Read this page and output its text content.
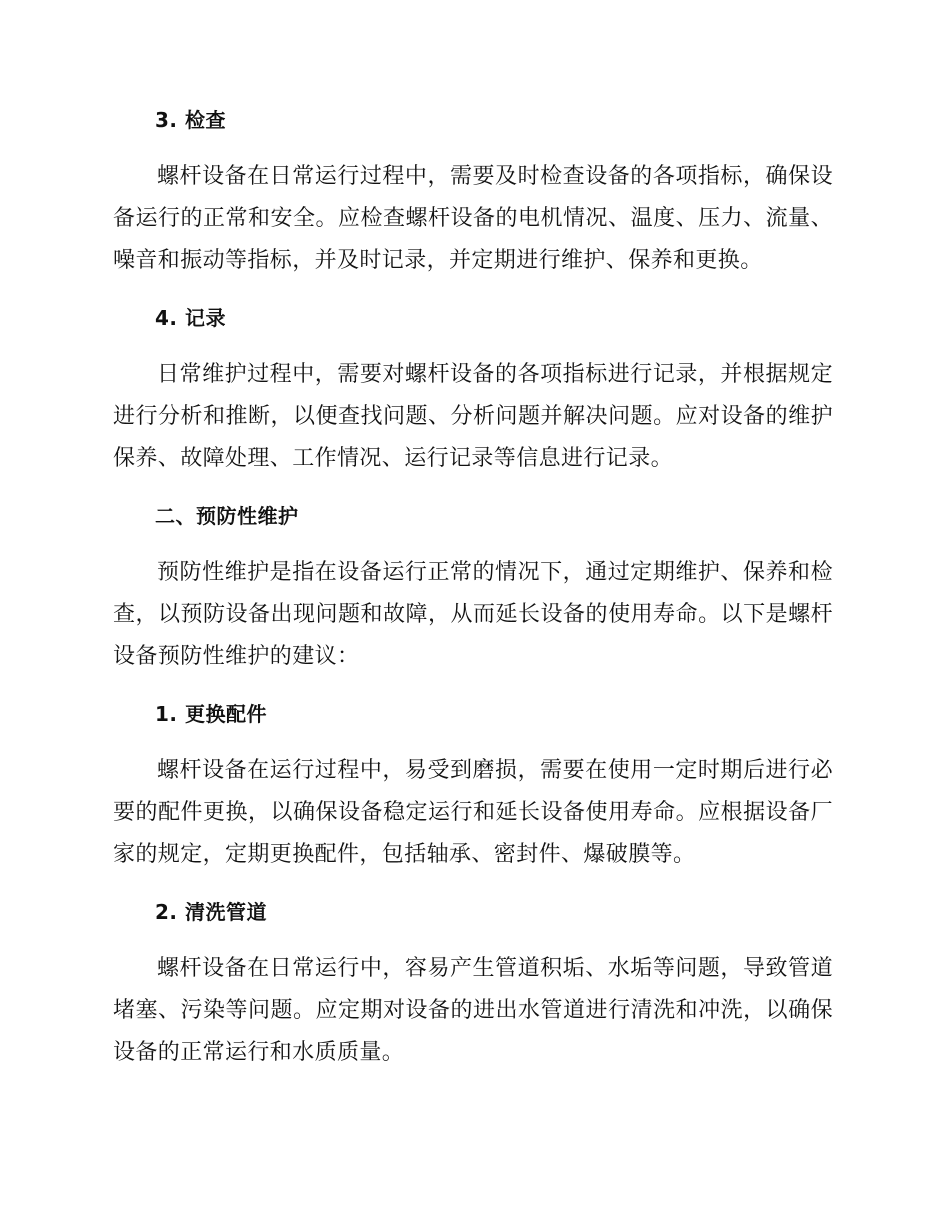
3. 检查

螺杆设备在日常运行过程中，需要及时检查设备的各项指标，确保设备运行的正常和安全。应检查螺杆设备的电机情况、温度、压力、流量、噪音和振动等指标，并及时记录，并定期进行维护、保养和更换。

4. 记录

日常维护过程中，需要对螺杆设备的各项指标进行记录，并根据规定进行分析和推断，以便查找问题、分析问题并解决问题。应对设备的维护保养、故障处理、工作情况、运行记录等信息进行记录。

二、预防性维护

预防性维护是指在设备运行正常的情况下，通过定期维护、保养和检查，以预防设备出现问题和故障，从而延长设备的使用寿命。以下是螺杆设备预防性维护的建议：

1. 更换配件

螺杆设备在运行过程中，易受到磨损，需要在使用一定时期后进行必要的配件更换，以确保设备稳定运行和延长设备使用寿命。应根据设备厂家的规定，定期更换配件，包括轴承、密封件、爆破膜等。

2. 清洗管道

螺杆设备在日常运行中，容易产生管道积垢、水垢等问题，导致管道堵塞、污染等问题。应定期对设备的进出水管道进行清洗和冲洗，以确保设备的正常运行和水质质量。
